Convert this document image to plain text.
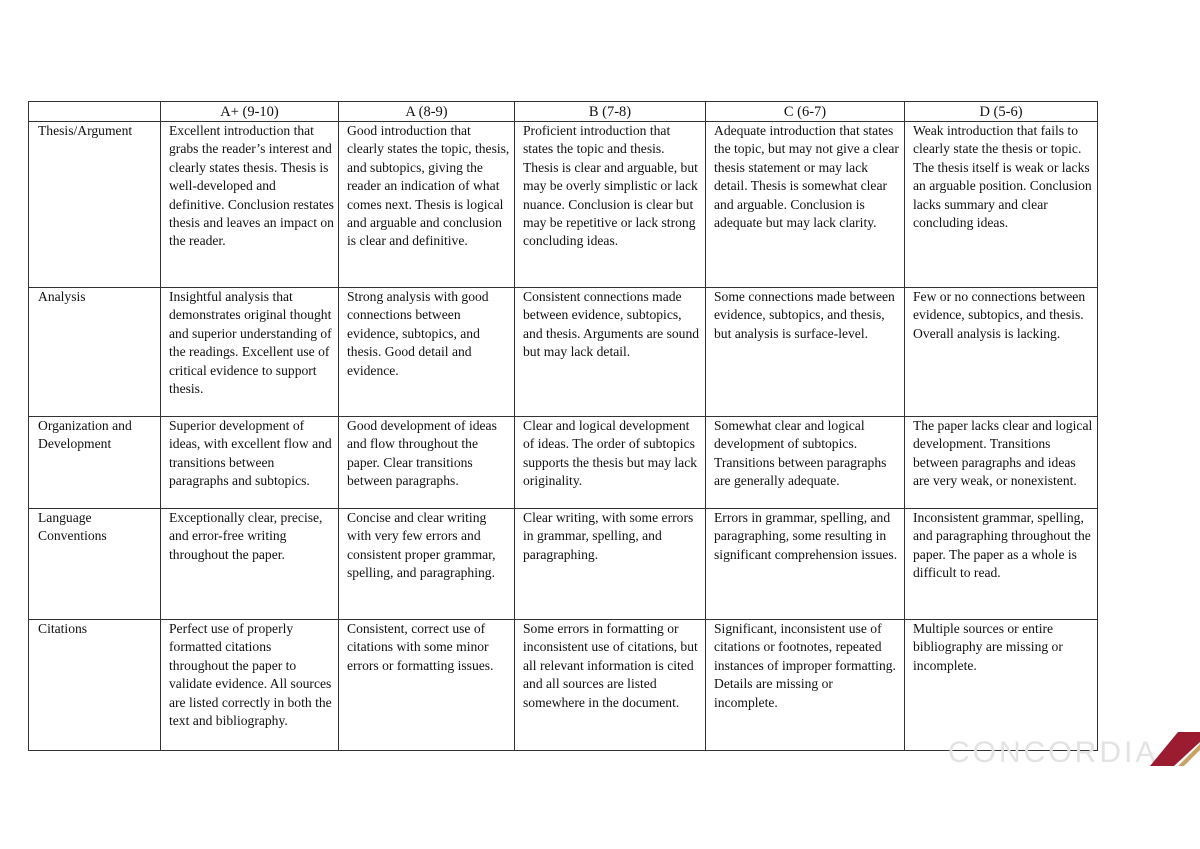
	A+ (9-10)	A (8-9)	B (7-8)	C (6-7)	D (5-6)
Thesis/Argument	Excellent introduction that grabs the reader’s interest and clearly states thesis. Thesis is well-developed and definitive. Conclusion restates thesis and leaves an impact on the reader.	Good introduction that clearly states the topic, thesis, and subtopics, giving the reader an indication of what comes next. Thesis is logical and arguable and conclusion is clear and definitive.	Proficient introduction that states the topic and thesis. Thesis is clear and arguable, but may be overly simplistic or lack nuance. Conclusion is clear but may be repetitive or lack strong concluding ideas.	Adequate introduction that states the topic, but may not give a clear thesis statement or may lack detail. Thesis is somewhat clear and arguable. Conclusion is adequate but may lack clarity.	Weak introduction that fails to clearly state the thesis or topic. The thesis itself is weak or lacks an arguable position. Conclusion lacks summary and clear concluding ideas.
Analysis	Insightful analysis that demonstrates original thought and superior understanding of the readings. Excellent use of critical evidence to support thesis.	Strong analysis with good connections between evidence, subtopics, and thesis. Good detail and evidence.	Consistent connections made between evidence, subtopics, and thesis. Arguments are sound but may lack detail.	Some connections made between evidence, subtopics, and thesis, but analysis is surface-level.	Few or no connections between evidence, subtopics, and thesis. Overall analysis is lacking.
Organization and Development	Superior development of ideas, with excellent flow and transitions between paragraphs and subtopics.	Good development of ideas and flow throughout the paper. Clear transitions between paragraphs.	Clear and logical development of ideas. The order of subtopics supports the thesis but may lack originality.	Somewhat clear and logical development of subtopics. Transitions between paragraphs are generally adequate.	The paper lacks clear and logical development. Transitions between paragraphs and ideas are very weak, or nonexistent.
Language Conventions	Exceptionally clear, precise, and error-free writing throughout the paper.	Concise and clear writing with very few errors and consistent proper grammar, spelling, and paragraphing.	Clear writing, with some errors in grammar, spelling, and paragraphing.	Errors in grammar, spelling, and paragraphing, some resulting in significant comprehension issues.	Inconsistent grammar, spelling, and paragraphing throughout the paper. The paper as a whole is difficult to read.
Citations	Perfect use of properly formatted citations throughout the paper to validate evidence. All sources are listed correctly in both the text and bibliography.	Consistent, correct use of citations with some minor errors or formatting issues.	Some errors in formatting or inconsistent use of citations, but all relevant information is cited and all sources are listed somewhere in the document.	Significant, inconsistent use of citations or footnotes, repeated instances of improper formatting. Details are missing or incomplete.	Multiple sources or entire bibliography are missing or incomplete.
CONCORDIA
